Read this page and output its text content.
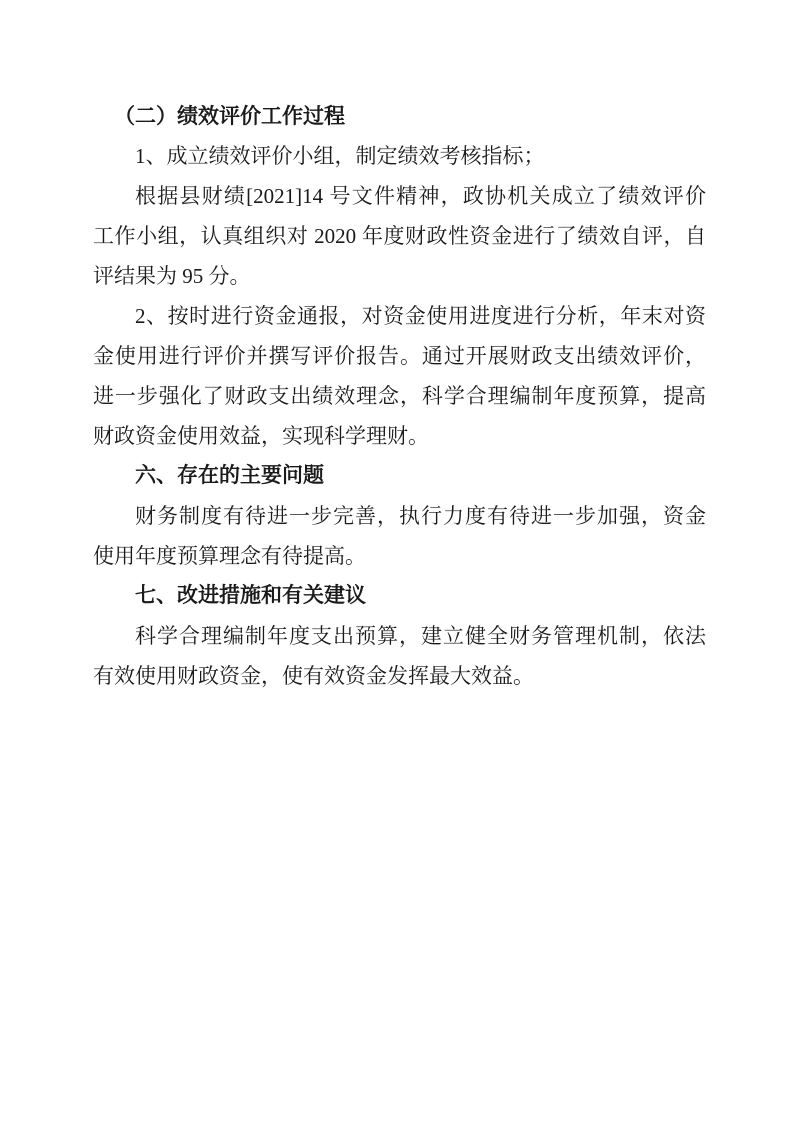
（二）绩效评价工作过程
1、成立绩效评价小组，制定绩效考核指标；
根据县财绩[2021]14 号文件精神，政协机关成立了绩效评价
工作小组，认真组织对 2020 年度财政性资金进行了绩效自评，自
评结果为 95 分。
2、按时进行资金通报，对资金使用进度进行分析，年末对资
金使用进行评价并撰写评价报告。通过开展财政支出绩效评价，
进一步强化了财政支出绩效理念，科学合理编制年度预算，提高
财政资金使用效益，实现科学理财。
六、存在的主要问题
财务制度有待进一步完善，执行力度有待进一步加强，资金
使用年度预算理念有待提高。
七、改进措施和有关建议
科学合理编制年度支出预算，建立健全财务管理机制，依法
有效使用财政资金，使有效资金发挥最大效益。
